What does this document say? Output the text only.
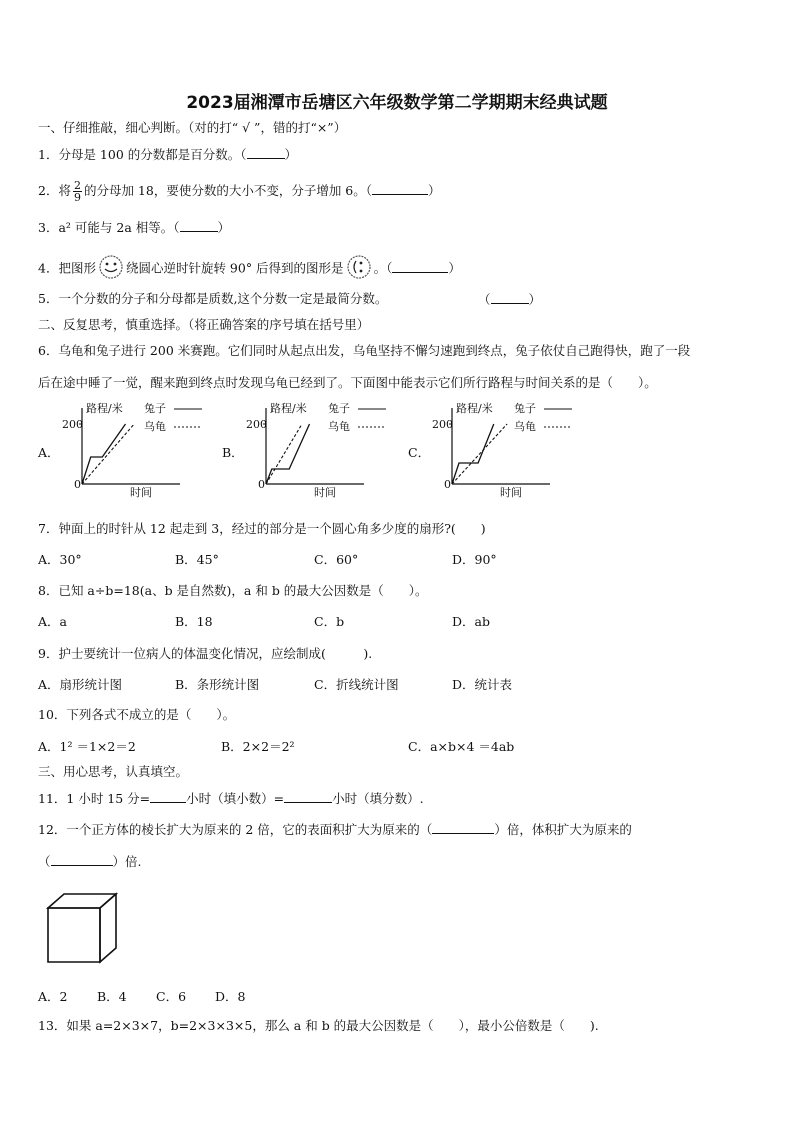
2023届湘潭市岳塘区六年级数学第二学期期末经典试题
一、仔细推敲，细心判断。（对的打“ √ ”，错的打“×”）
1．分母是 100 的分数都是百分数。（	）
2．将 $\frac{2}{9}$ 的分母加 18，要使分数的大小不变，分子增加 6。（	）
3．a² 可能与 2a 相等。（	）
4．把图形 绕圆心逆时针旋转 90° 后得到的图形是 。（	）
5．一个分数的分子和分母都是质数,这个分数一定是最简分数。	（	）
二、反复思考，慎重选择。（将正确答案的序号填在括号里）
6．乌龟和兔子进行 200 米赛跑。它们同时从起点出发，乌龟坚持不懈匀速跑到终点，兔子依仗自己跑得快，跑了一段
后在途中睡了一觉，醒来跑到终点时发现乌龟已经到了。下面图中能表示它们所行路程与时间关系的是（　　）。
A．
路程/米
时间
200
0
兔子
乌龟
B．
路程/米
时间
200
0
兔子
乌龟
C．
路程/米
时间
200
0
兔子
乌龟
7．钟面上的时针从 12 起走到 3，经过的部分是一个圆心角多少度的扇形?(　　)
A．30°	B．45°	C．60°	D．90°
8．已知 a÷b=18(a、b 是自然数)，a 和 b 的最大公因数是（　　）。
A．a	B．18	C．b	D．ab
9．护士要统计一位病人的体温变化情况，应绘制成(　　　).
A．扇形统计图	B．条形统计图	C．折线统计图	D．统计表
10．下列各式不成立的是（　　）。
A．1² ＝1×2＝2	B．2×2＝2²	C．a×b×4 ＝4ab
三、用心思考，认真填空。
11．1 小时 15 分=	小时（填小数）=	小时（填分数）.
12．一个正方体的棱长扩大为原来的 2 倍，它的表面积扩大为原来的（	）倍，体积扩大为原来的
（	）倍.
A．2 B．4 C．6 D．8
13．如果 a=2×3×7，b=2×3×3×5，那么 a 和 b 的最大公因数是（　　），最小公倍数是（　　).
